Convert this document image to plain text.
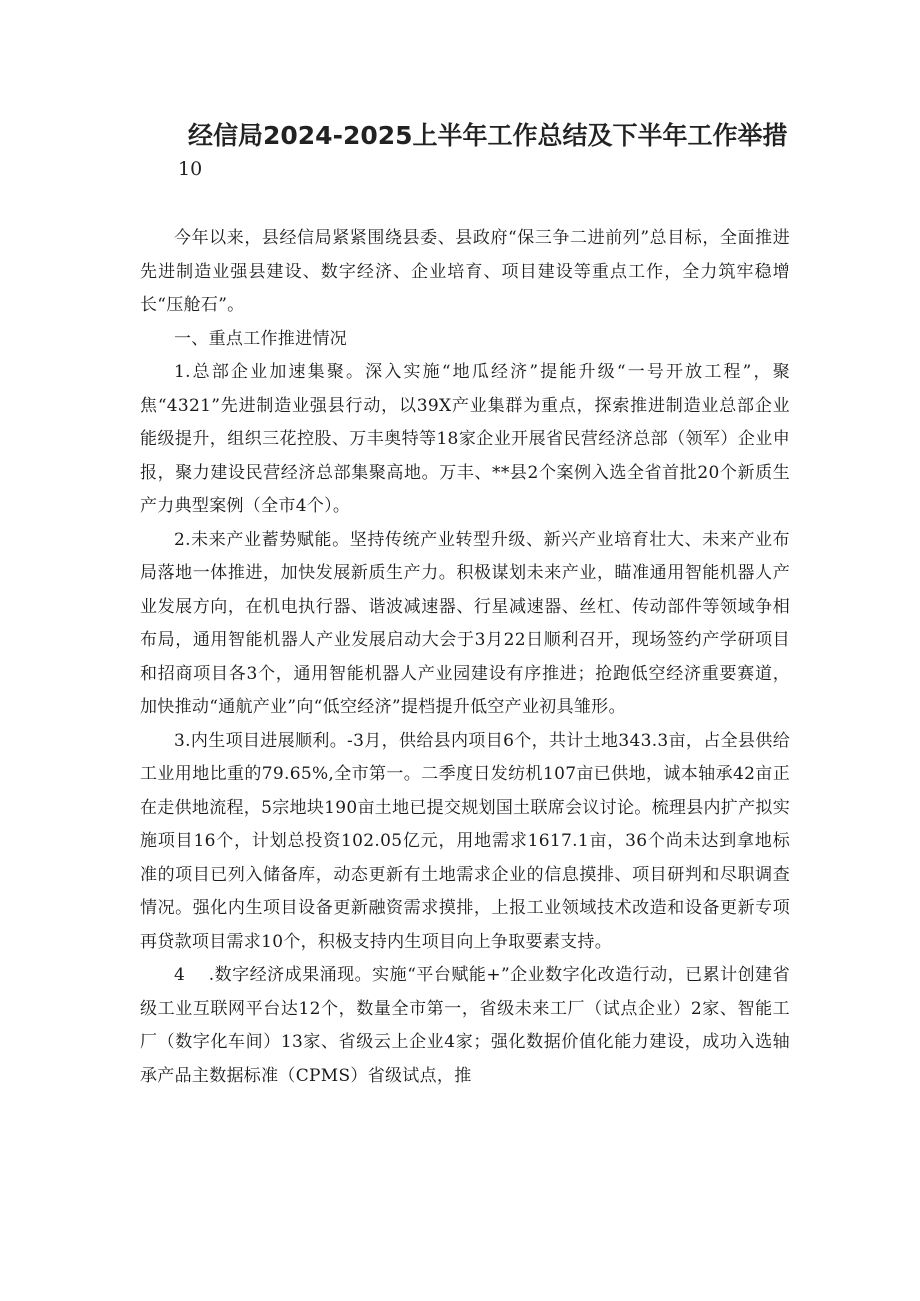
经信局2024-2025上半年工作总结及下半年工作举措
10

今年以来，县经信局紧紧围绕县委、县政府“保三争二进前列”总目标，全面推进先进制造业强县建设、数字经济、企业培育、项目建设等重点工作，全力筑牢稳增长“压舱石”。

一、重点工作推进情况

1.总部企业加速集聚。深入实施“地瓜经济”提能升级“一号开放工程”，聚焦“4321”先进制造业强县行动，以39X产业集群为重点，探索推进制造业总部企业能级提升，组织三花控股、万丰奥特等18家企业开展省民营经济总部（领军）企业申报，聚力建设民营经济总部集聚高地。万丰、**县2个案例入选全省首批20个新质生产力典型案例（全市4个）。

2.未来产业蓄势赋能。坚持传统产业转型升级、新兴产业培育壮大、未来产业布局落地一体推进，加快发展新质生产力。积极谋划未来产业，瞄准通用智能机器人产业发展方向，在机电执行器、谐波减速器、行星减速器、丝杠、传动部件等领域争相布局，通用智能机器人产业发展启动大会于3月22日顺利召开，现场签约产学研项目和招商项目各3个，通用智能机器人产业园建设有序推进；抢跑低空经济重要赛道，加快推动“通航产业”向“低空经济”提档提升低空产业初具雏形。

3.内生项目进展顺利。-3月，供给县内项目6个，共计土地343.3亩，占全县供给工业用地比重的79.65%,全市第一。二季度日发纺机107亩已供地，诚本轴承42亩正在走供地流程，5宗地块190亩土地已提交规划国土联席会议讨论。梳理县内扩产拟实施项目16个，计划总投资102.05亿元，用地需求1617.1亩，36个尚未达到拿地标准的项目已列入储备库，动态更新有土地需求企业的信息摸排、项目研判和尽职调查情况。强化内生项目设备更新融资需求摸排，上报工业领域技术改造和设备更新专项再贷款项目需求10个，积极支持内生项目向上争取要素支持。

4    .数字经济成果涌现。实施“平台赋能+”企业数字化改造行动，已累计创建省级工业互联网平台达12个，数量全市第一，省级未来工厂（试点企业）2家、智能工厂（数字化车间）13家、省级云上企业4家；强化数据价值化能力建设，成功入选轴承产品主数据标准（CPMS）省级试点，推
